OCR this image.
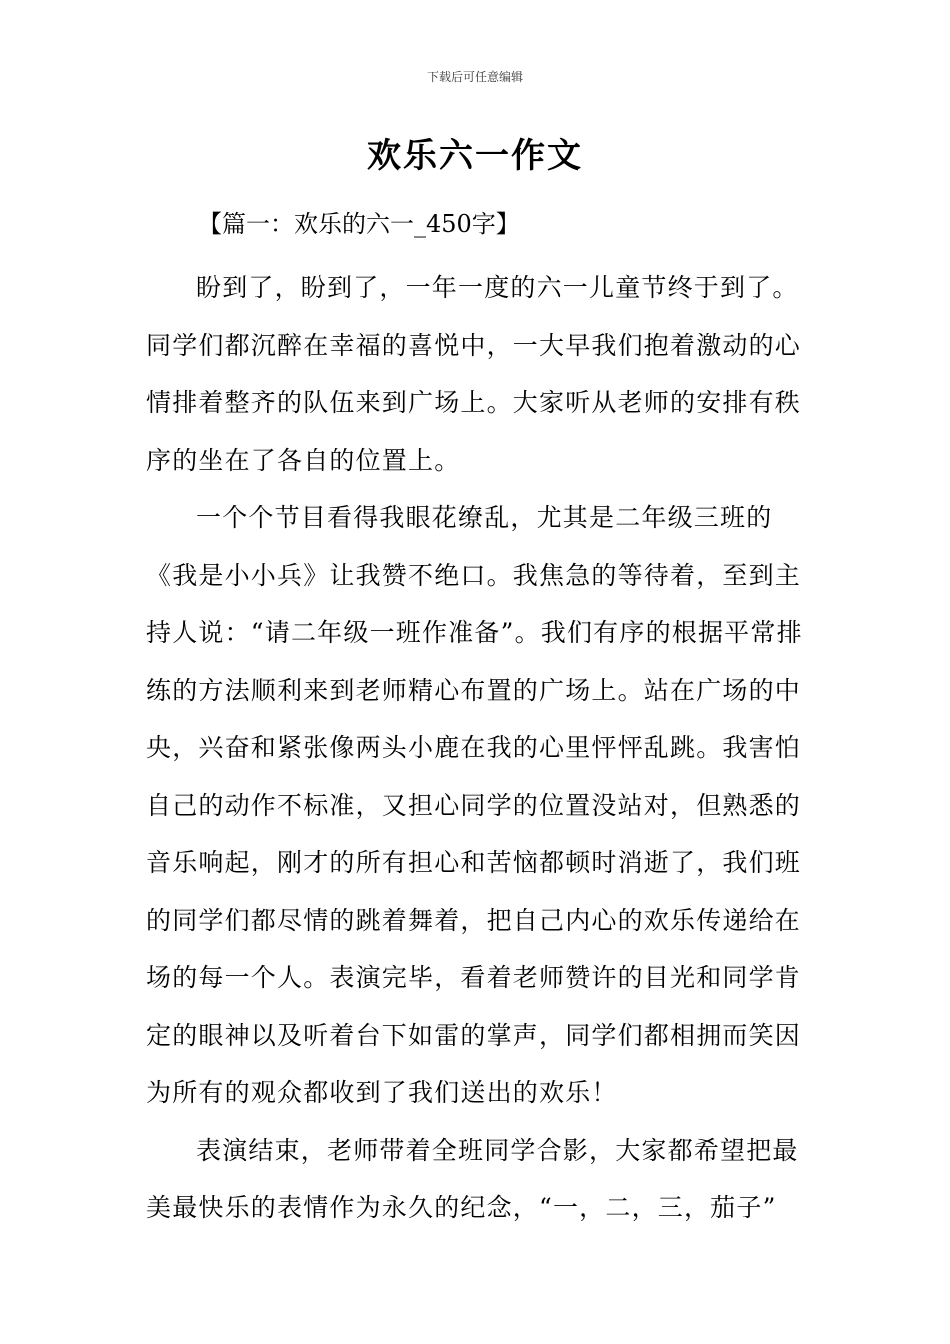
下载后可任意编辑
欢乐六一作文
【篇一：欢乐的六一_450字】

盼到了，盼到了，一年一度的六一儿童节终于到了。同学们都沉醉在幸福的喜悦中，一大早我们抱着激动的心情排着整齐的队伍来到广场上。大家听从老师的安排有秩序的坐在了各自的位置上。

一个个节目看得我眼花缭乱，尤其是二年级三班的《我是小小兵》让我赞不绝口。我焦急的等待着，至到主持人说：“请二年级一班作准备”。我们有序的根据平常排练的方法顺利来到老师精心布置的广场上。站在广场的中央，兴奋和紧张像两头小鹿在我的心里怦怦乱跳。我害怕自己的动作不标准，又担心同学的位置没站对，但熟悉的音乐响起，刚才的所有担心和苦恼都顿时消逝了，我们班的同学们都尽情的跳着舞着，把自己内心的欢乐传递给在场的每一个人。表演完毕，看着老师赞许的目光和同学肯定的眼神以及听着台下如雷的掌声，同学们都相拥而笑因为所有的观众都收到了我们送出的欢乐！

表演结束，老师带着全班同学合影，大家都希望把最美最快乐的表情作为永久的纪念，“一，二，三，茄子”
